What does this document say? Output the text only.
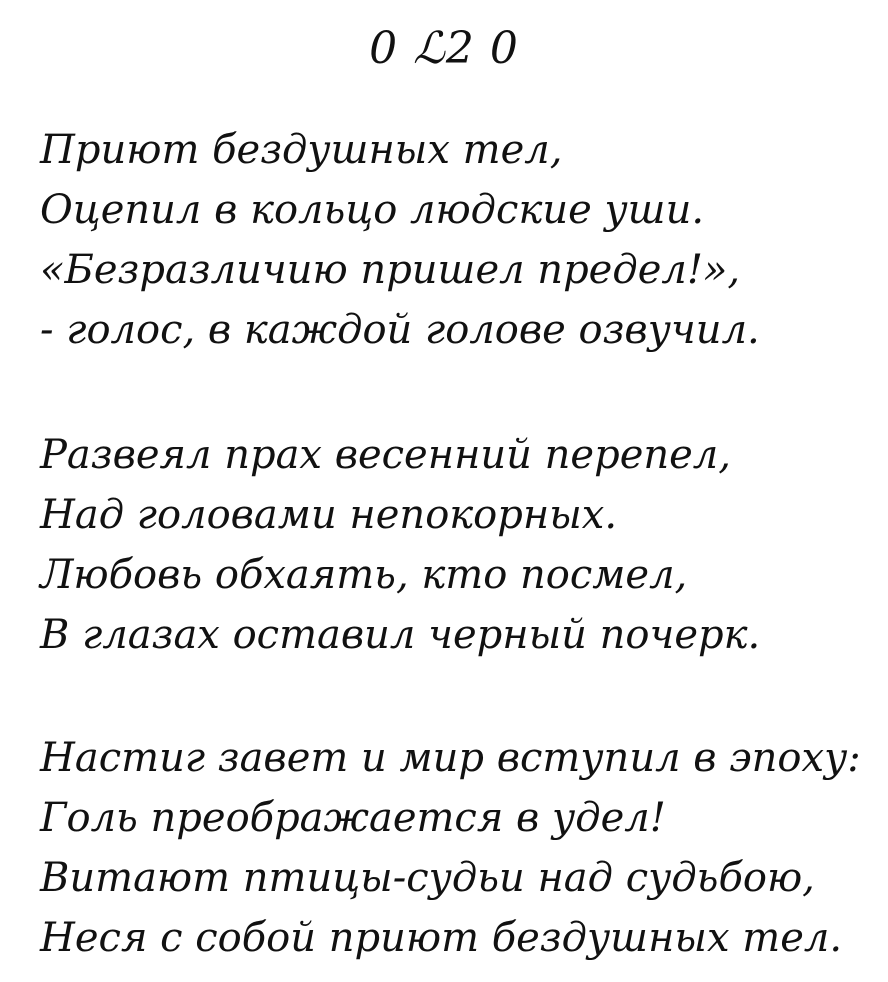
0 ℒ2 0
Приют бездушных тел,
Оцепил в кольцо людские уши.
«Безразличию пришел предел!»,
- голос, в каждой голове озвучил.
Развеял прах весенний перепел,
Над головами непокорных.
Любовь обхаять, кто посмел,
В глазах оставил черный почерк.
Настиг завет и мир вступил в эпоху:
Голь преображается в удел!
Витают птицы-судьи над судьбою,
Неся с собой приют бездушных тел.
